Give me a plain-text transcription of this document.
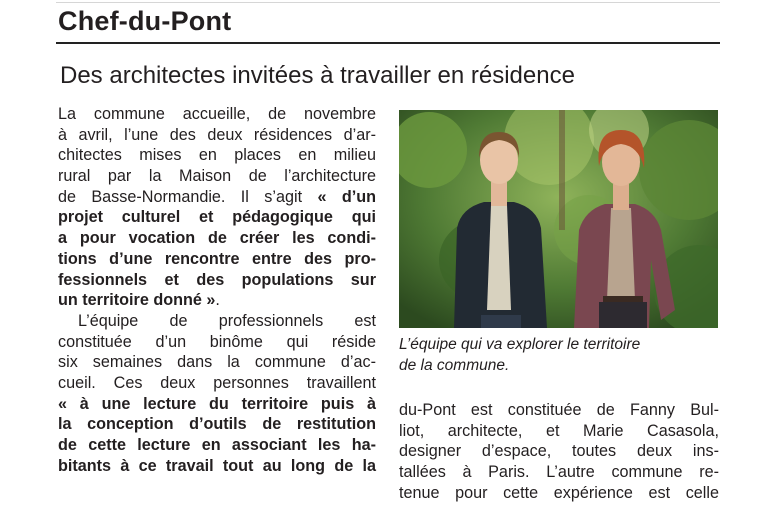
Chef-du-Pont
Des architectes invitées à travailler en résidence
La commune accueille, de novembre
à avril, l’une des deux résidences d’ar-
chitectes mises en places en milieu
rural par la Maison de l’architecture
de Basse-Normandie. Il s’agit « d’un
projet culturel et pédagogique qui
a pour vocation de créer les condi-
tions d’une rencontre entre des pro-
fessionnels et des populations sur
un territoire donné ».
L’équipe de professionnels est
constituée d’un binôme qui réside
six semaines dans la commune d’ac-
cueil. Ces deux personnes travaillent
« à une lecture du territoire puis à
la conception d’outils de restitution
de cette lecture en associant les ha-
bitants à ce travail tout au long de la
L’équipe qui va explorer le territoire
de la commune.
du-Pont est constituée de Fanny Bul-
liot, architecte, et Marie Casasola,
designer d’espace, toutes deux ins-
tallées à Paris. L’autre commune re-
tenue pour cette expérience est celle
